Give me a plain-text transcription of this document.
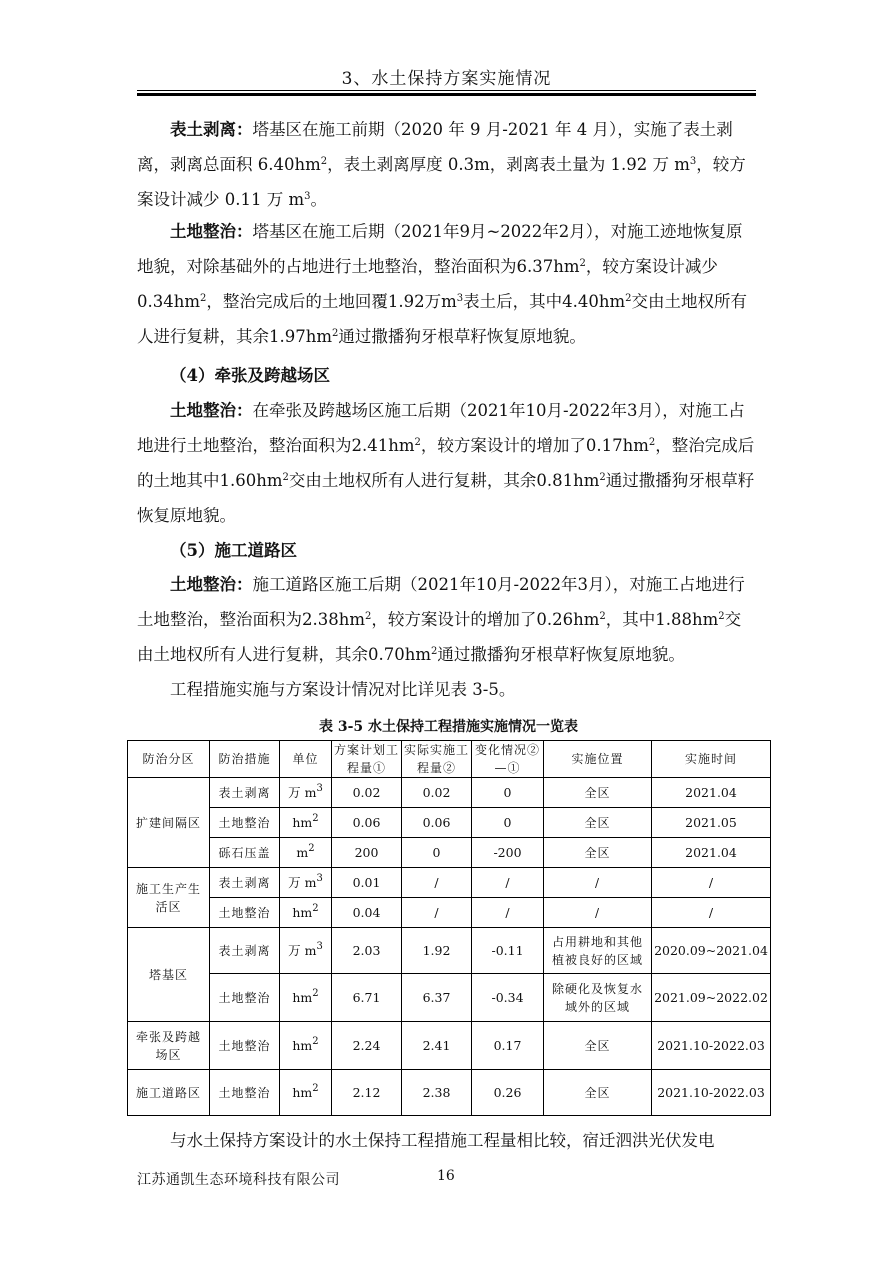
3、水土保持方案实施情况

表土剥离：塔基区在施工前期（2020 年 9 月-2021 年 4 月），实施了表土剥离，剥离总面积 $6.40hm^2$，表土剥离厚度 0.3m，剥离表土量为 1.92 万 $m^3$，较方案设计减少 0.11 万 $m^3$。

土地整治：塔基区在施工后期（2021年9月~2022年2月），对施工迹地恢复原地貌，对除基础外的占地进行土地整治，整治面积为$6.37hm^2$，较方案设计减少$0.34hm^2$，整治完成后的土地回覆1.92万$m^3$表土后，其中$4.40hm^2$交由土地权所有人进行复耕，其余$1.97hm^2$通过撒播狗牙根草籽恢复原地貌。

（4）牵张及跨越场区

土地整治：在牵张及跨越场区施工后期（2021年10月-2022年3月），对施工占地进行土地整治，整治面积为$2.41hm^2$，较方案设计的增加了$0.17hm^2$，整治完成后的土地其中$1.60hm^2$交由土地权所有人进行复耕，其余$0.81hm^2$通过撒播狗牙根草籽恢复原地貌。

（5）施工道路区

土地整治：施工道路区施工后期（2021年10月-2022年3月），对施工占地进行土地整治，整治面积为$2.38hm^2$，较方案设计的增加了$0.26hm^2$，其中$1.88hm^2$交由土地权所有人进行复耕，其余$0.70hm^2$通过撒播狗牙根草籽恢复原地貌。

工程措施实施与方案设计情况对比详见表 3-5。

表 3-5 水土保持工程措施实施情况一览表
防治分区	防治措施	单位	方案计划工程量①	实际实施工程量②	变化情况②—①	实施位置	实施时间
扩建间隔区	表土剥离	万 $m^3$	0.02	0.02	0	全区	2021.04
	土地整治	$hm^2$	0.06	0.06	0	全区	2021.05
	砾石压盖	$m^2$	200	0	-200	全区	2021.04
施工生产生活区	表土剥离	万 $m^3$	0.01	/	/	/	/
	土地整治	$hm^2$	0.04	/	/	/	/
塔基区	表土剥离	万 $m^3$	2.03	1.92	-0.11	占用耕地和其他植被良好的区域	2020.09~2021.04
	土地整治	$hm^2$	6.71	6.37	-0.34	除硬化及恢复水域外的区域	2021.09~2022.02
牵张及跨越场区	土地整治	$hm^2$	2.24	2.41	0.17	全区	2021.10-2022.03
施工道路区	土地整治	$hm^2$	2.12	2.38	0.26	全区	2021.10-2022.03

与水土保持方案设计的水土保持工程措施工程量相比较，宿迁泗洪光伏发电

江苏通凯生态环境科技有限公司	16
